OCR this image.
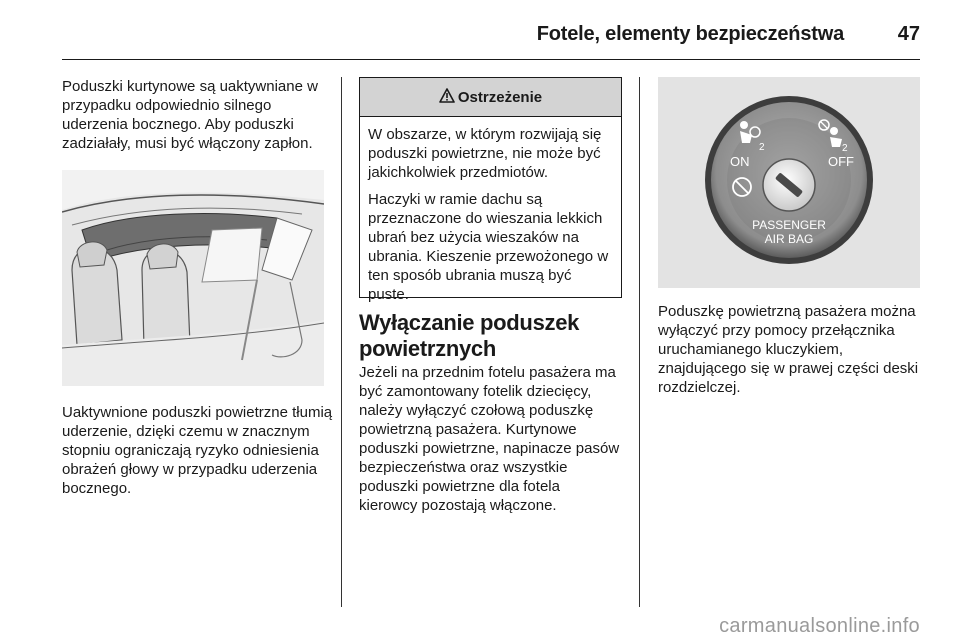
Fotele, elementy bezpieczeństwa	47

Poduszki kurtynowe są uaktywniane w przypadku odpowiednio silnego uderzenia bocznego. Aby poduszki zadziałały, musi być włączony zapłon.

Uaktywnione poduszki powietrzne tłumią uderzenie, dzięki czemu w znacznym stopniu ograniczają ryzyko odniesienia obrażeń głowy w przypadku uderzenia bocznego.

Ostrzeżenie

W obszarze, w którym rozwijają się poduszki powietrzne, nie może być jakichkolwiek przedmiotów.

Haczyki w ramie dachu są przeznaczone do wieszania lekkich ubrań bez użycia wieszaków na ubrania. Kieszenie przewożonego w ten sposób ubrania muszą być puste.

Wyłączanie poduszek powietrznych

Jeżeli na przednim fotelu pasażera ma być zamontowany fotelik dziecięcy, należy wyłączyć czołową poduszkę powietrzną pasażera. Kurtynowe poduszki powietrzne, napinacze pasów bezpieczeństwa oraz wszystkie poduszki powietrzne dla fotela kierowcy pozostają włączone.

2
ON
2
OFF
PASSENGER
AIR BAG

Poduszkę powietrzną pasażera można wyłączyć przy pomocy przełącznika uruchamianego kluczykiem, znajdującego się w prawej części deski rozdzielczej.

carmanualsonline.info
